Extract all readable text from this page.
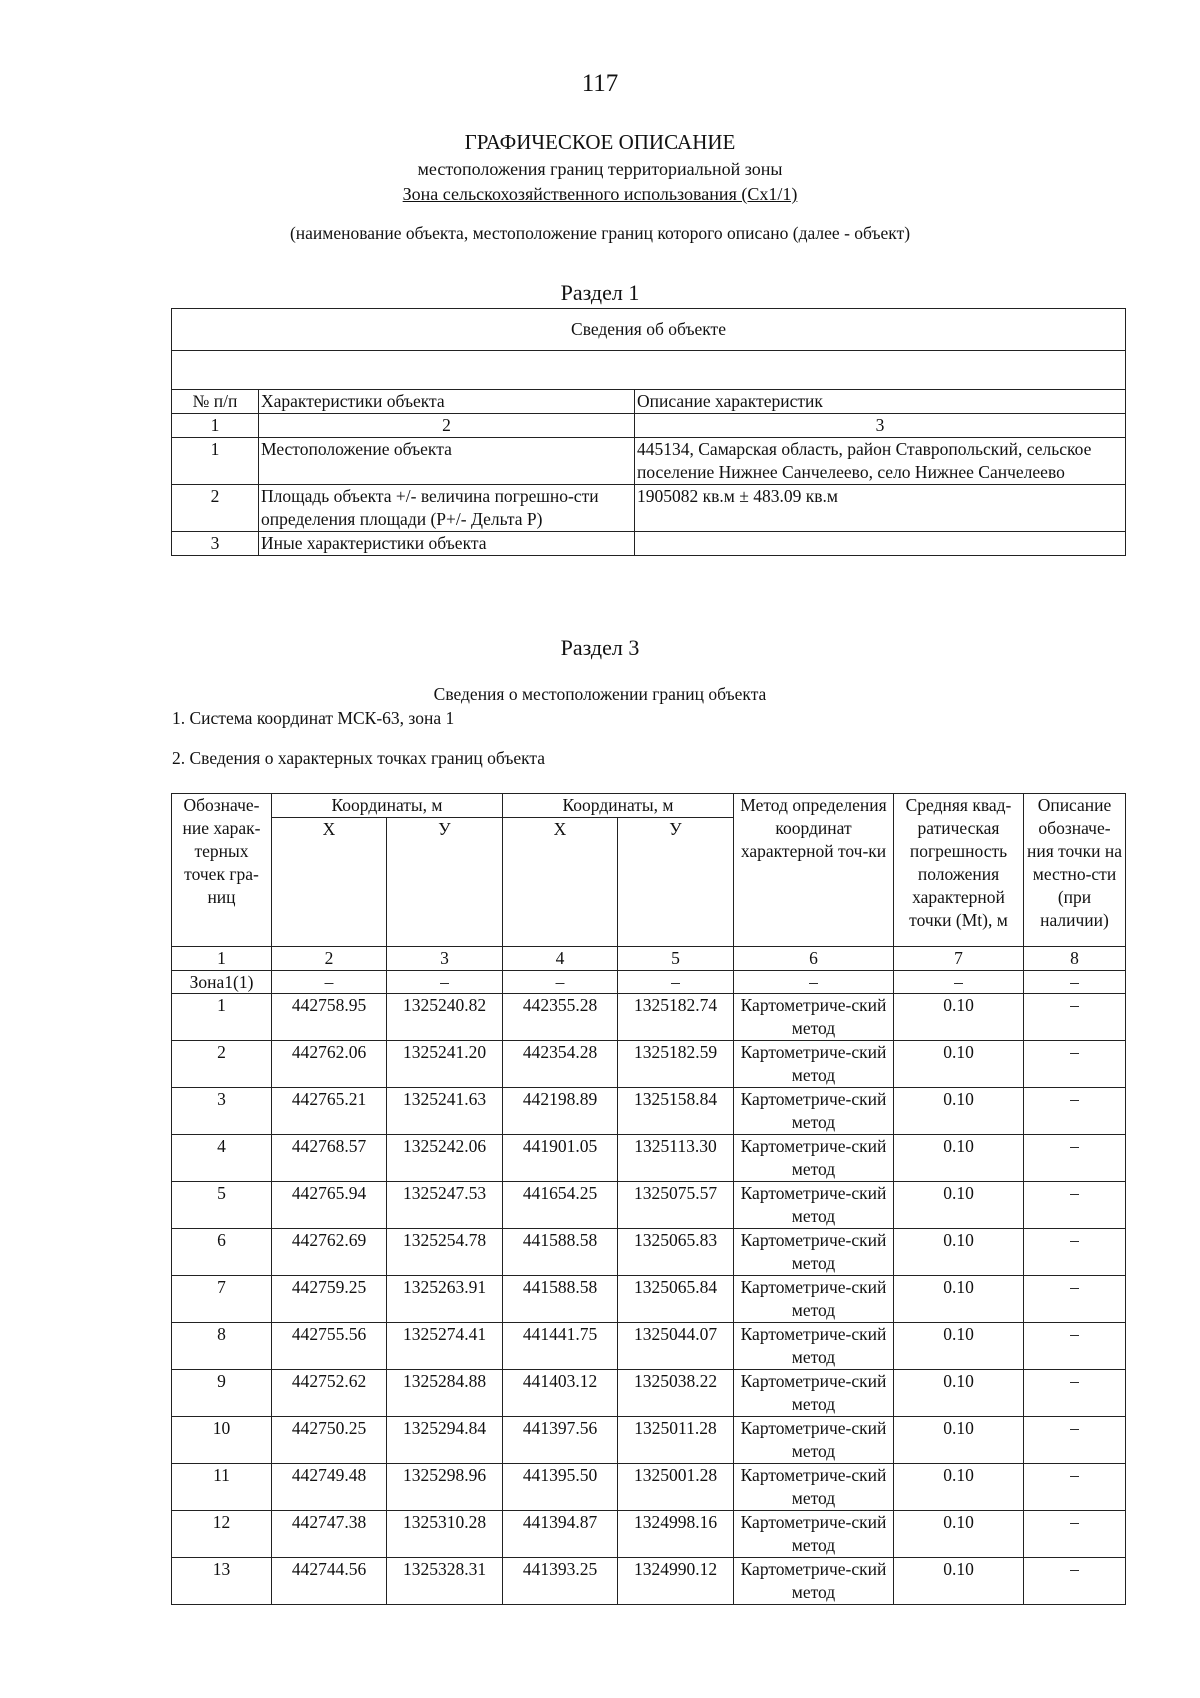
117
ГРАФИЧЕСКОЕ ОПИСАНИЕ
местоположения границ территориальной зоны
Зона сельскохозяйственного использования (Сх1/1)
(наименование объекта, местоположение границ которого описано (далее - объект)
Раздел 1
Сведения об объекте		

№ п/п	Характеристики объекта	Описание характеристик
1	2	3
1	Местоположение объекта	445134, Самарская область, район Ставропольский, сельское поселение Нижнее Санчелеево, село Нижнее Санчелеево
2	Площадь объекта +/- величина погрешно-сти определения площади (Р+/- Дельта Р)	1905082 кв.м ± 483.09 кв.м
3	Иные характеристики объекта	
Раздел 3
Сведения о местоположении границ объекта
1. Система координат МСК-63, зона 1
2. Сведения о характерных точках границ объекта
Обозначе-ние харак-терных точек гра-ниц	Координаты, м		Координаты, м		Метод определения координат характерной точ-ки	Средняя квад-ратическая погрешность положения характерной точки (Mt), м	Описание обозначе-ния точки на местно-сти (при наличии)
	X	У	X	У			
1	2	3	4	5	6	7	8
Зона1(1)	–	–	–	–	–	–	–
1	442758.95	1325240.82	442355.28	1325182.74	Картометриче-ский метод	0.10	–
2	442762.06	1325241.20	442354.28	1325182.59	Картометриче-ский метод	0.10	–
3	442765.21	1325241.63	442198.89	1325158.84	Картометриче-ский метод	0.10	–
4	442768.57	1325242.06	441901.05	1325113.30	Картометриче-ский метод	0.10	–
5	442765.94	1325247.53	441654.25	1325075.57	Картометриче-ский метод	0.10	–
6	442762.69	1325254.78	441588.58	1325065.83	Картометриче-ский метод	0.10	–
7	442759.25	1325263.91	441588.58	1325065.84	Картометриче-ский метод	0.10	–
8	442755.56	1325274.41	441441.75	1325044.07	Картометриче-ский метод	0.10	–
9	442752.62	1325284.88	441403.12	1325038.22	Картометриче-ский метод	0.10	–
10	442750.25	1325294.84	441397.56	1325011.28	Картометриче-ский метод	0.10	–
11	442749.48	1325298.96	441395.50	1325001.28	Картометриче-ский метод	0.10	–
12	442747.38	1325310.28	441394.87	1324998.16	Картометриче-ский метод	0.10	–
13	442744.56	1325328.31	441393.25	1324990.12	Картометриче-ский метод	0.10	–
